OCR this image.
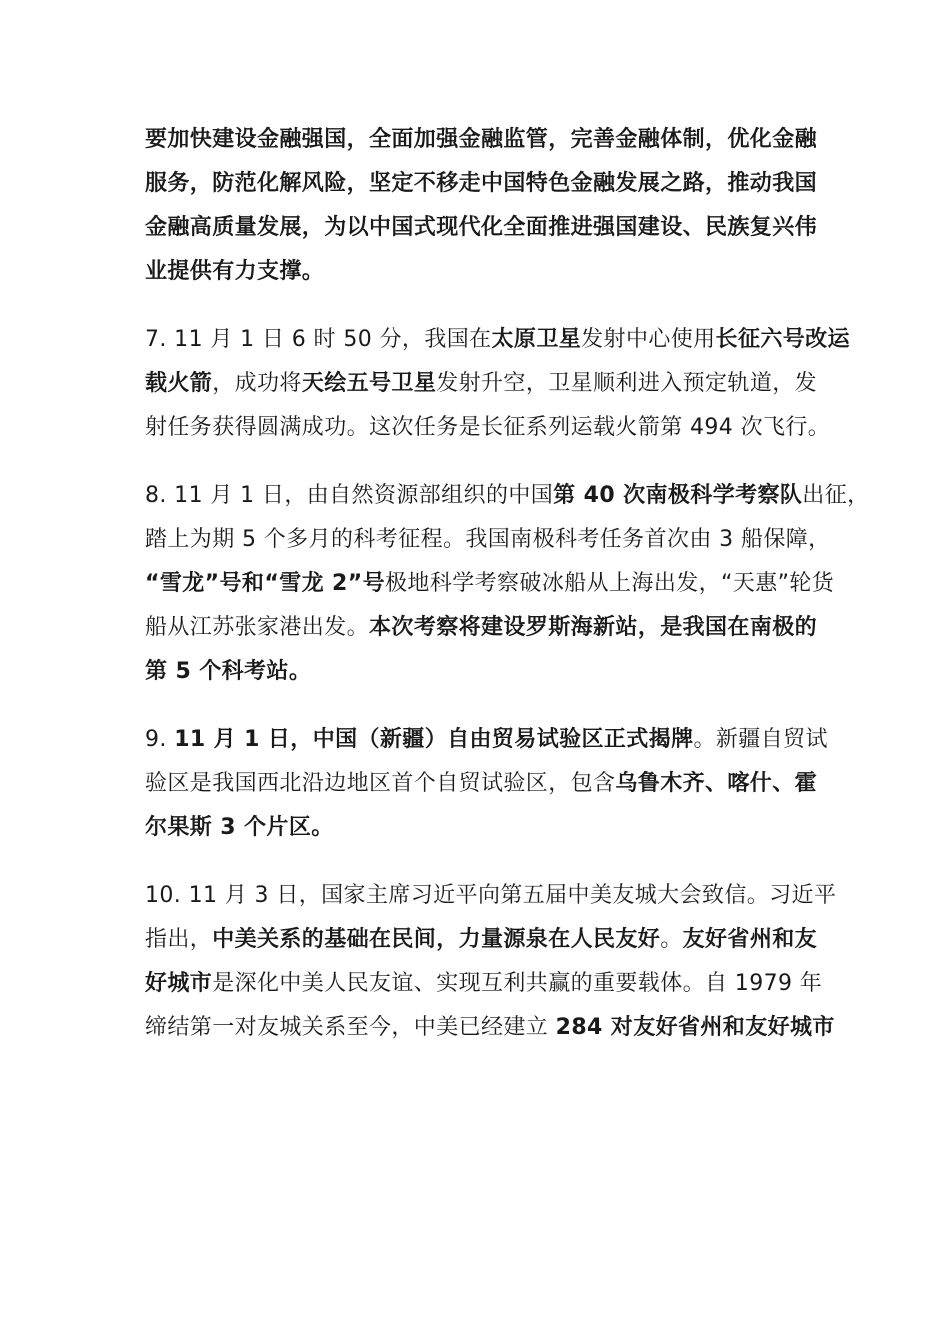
要加快建设金融强国，全面加强金融监管，完善金融体制，优化金融
服务，防范化解风险，坚定不移走中国特色金融发展之路，推动我国
金融高质量发展，为以中国式现代化全面推进强国建设、民族复兴伟
业提供有力支撑。

7. 11 月 1 日 6 时 50 分，我国在太原卫星发射中心使用长征六号改运
载火箭，成功将天绘五号卫星发射升空，卫星顺利进入预定轨道，发
射任务获得圆满成功。这次任务是长征系列运载火箭第 494 次飞行。

8. 11 月 1 日，由自然资源部组织的中国第 40 次南极科学考察队出征，
踏上为期 5 个多月的科考征程。我国南极科考任务首次由 3 船保障，
“雪龙”号和“雪龙 2”号极地科学考察破冰船从上海出发，“天惠”轮货
船从江苏张家港出发。本次考察将建设罗斯海新站，是我国在南极的
第 5 个科考站。

9. 11 月 1 日，中国（新疆）自由贸易试验区正式揭牌。新疆自贸试
验区是我国西北沿边地区首个自贸试验区，包含乌鲁木齐、喀什、霍
尔果斯 3 个片区。

10. 11 月 3 日，国家主席习近平向第五届中美友城大会致信。习近平
指出，中美关系的基础在民间，力量源泉在人民友好。友好省州和友
好城市是深化中美人民友谊、实现互利共赢的重要载体。自 1979 年
缔结第一对友城关系至今，中美已经建立 284 对友好省州和友好城市
